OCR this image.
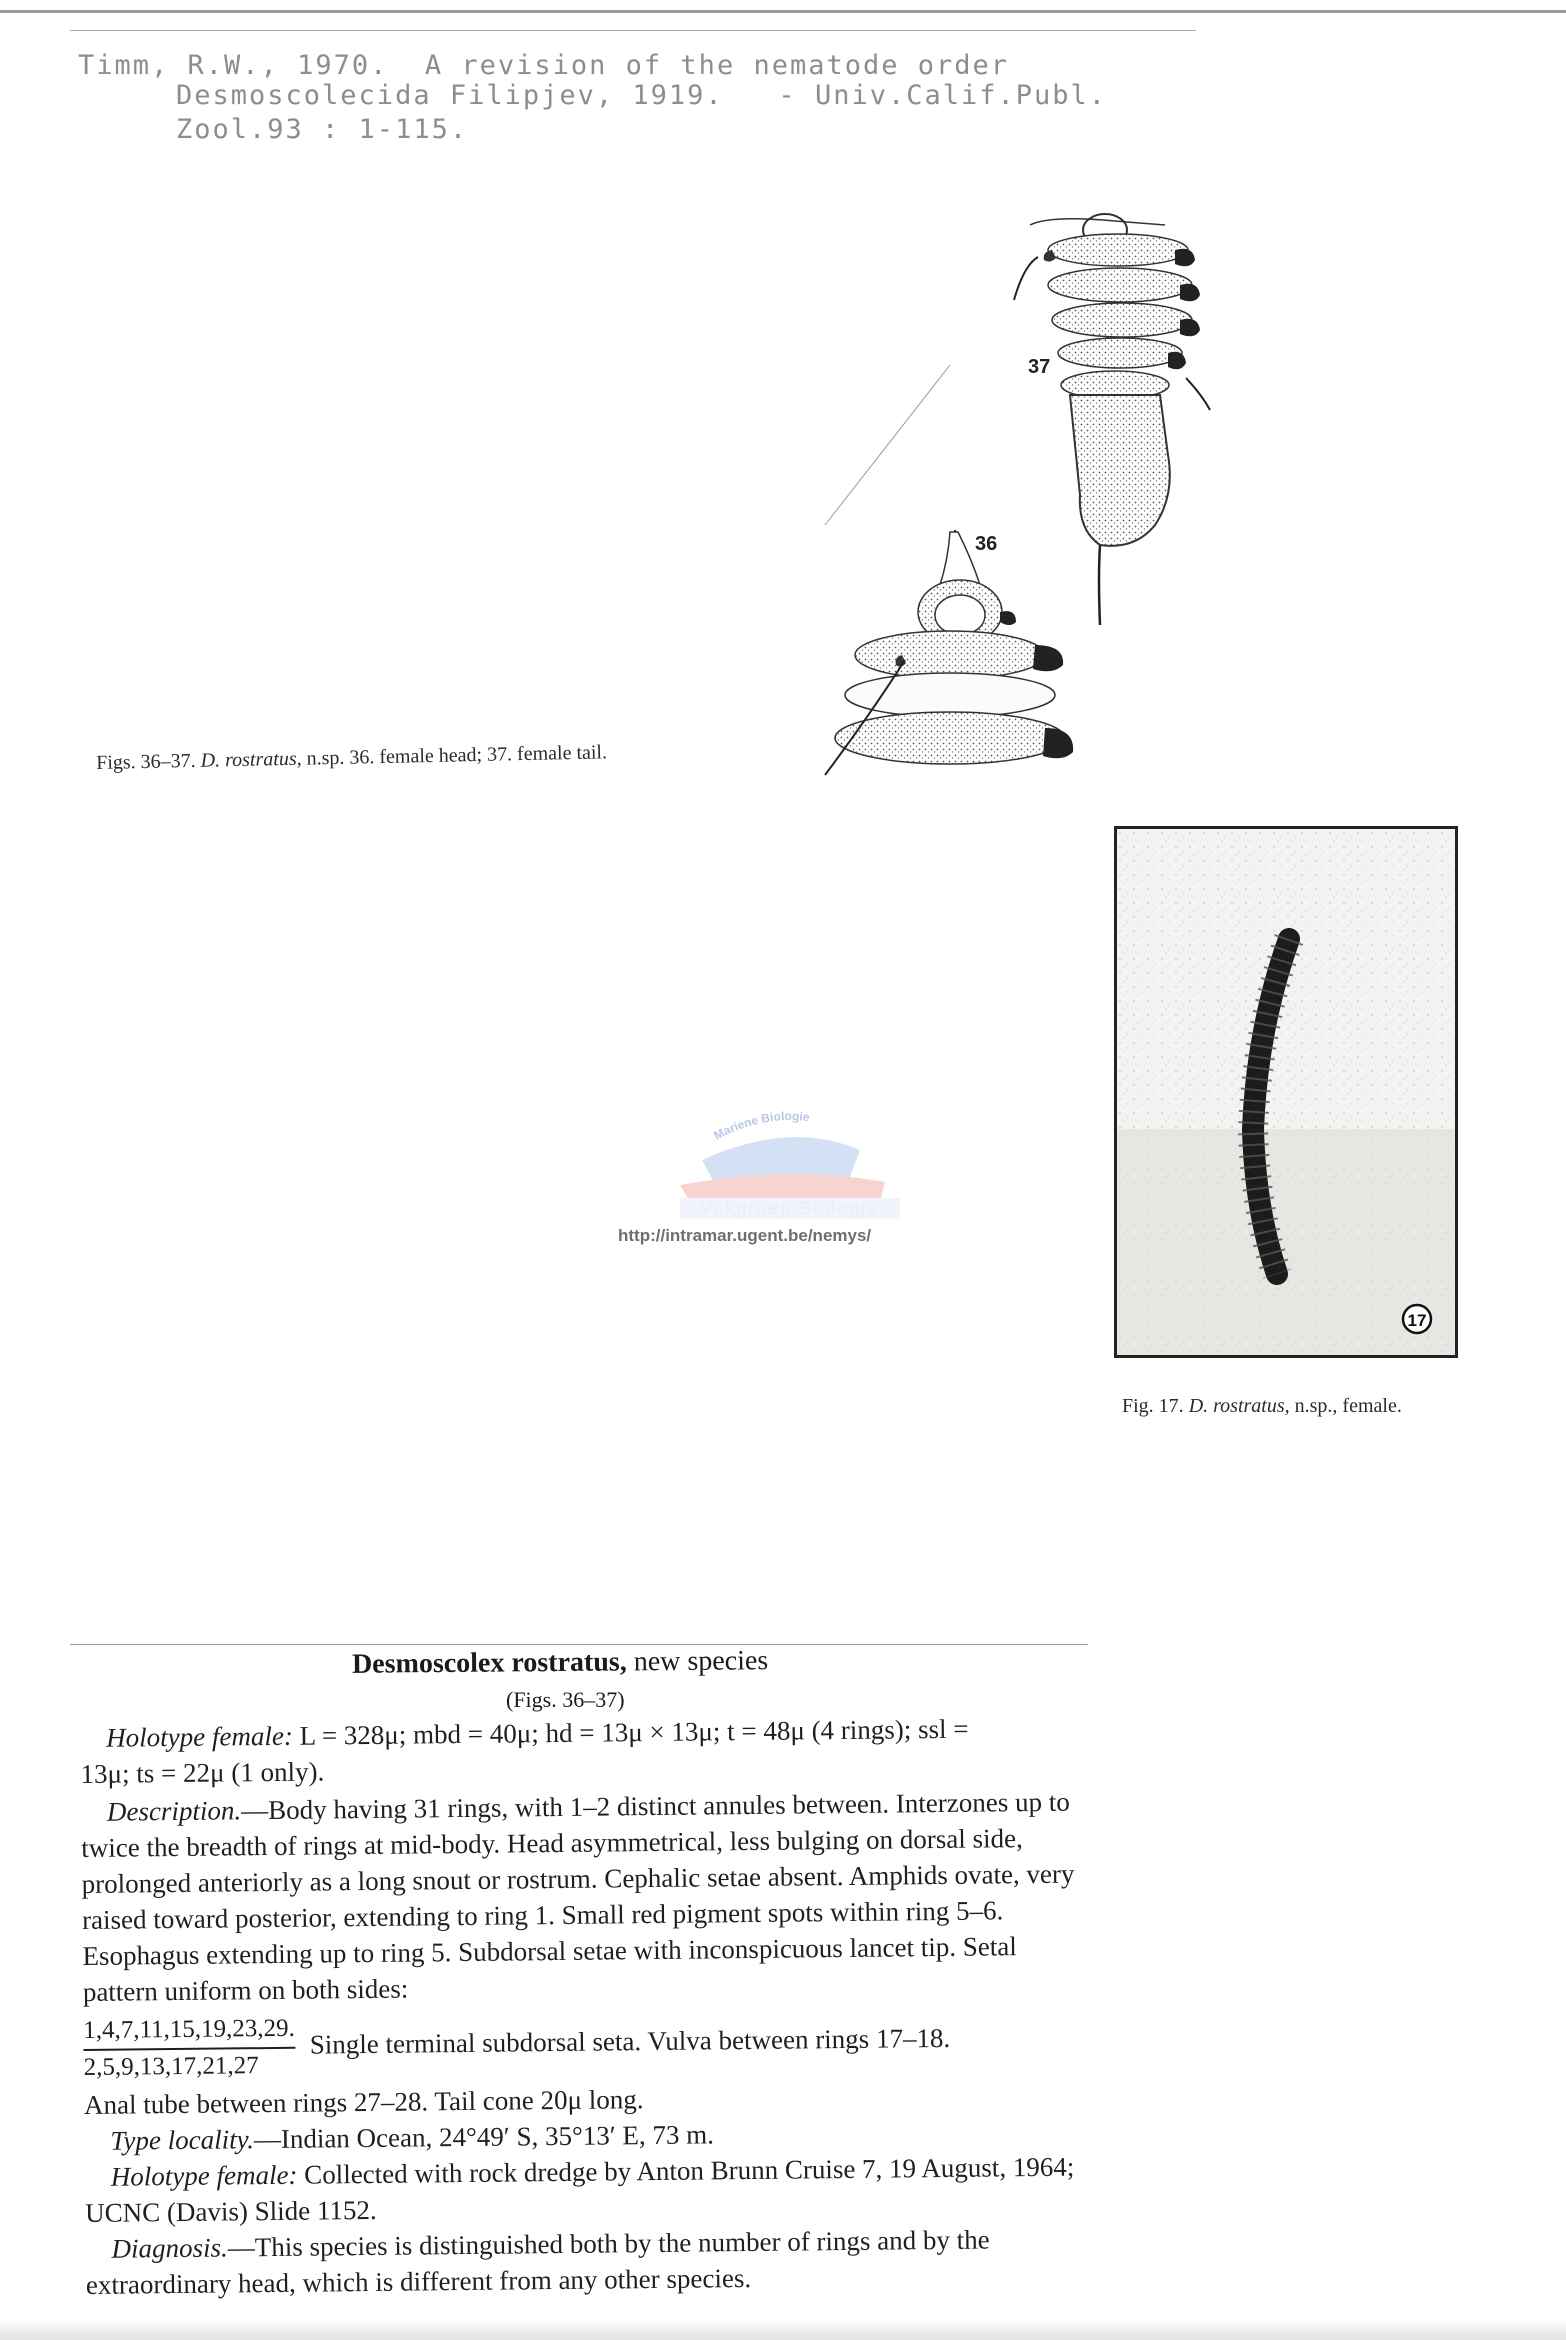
Timm, R.W., 1970.  A revision of the nematode order
Desmoscolecida Filipjev, 1919.   - Univ.Calif.Publ.
Zool.93 : 1-115.
37
36
Figs. 36–37. D. rostratus, n.sp. 36. female head; 37. female tail.
17
Fig. 17. D. rostratus, n.sp., female.
Mariene Biologie
Vakgroep Biologie
http://intramar.ugent.be/nemys/
Desmoscolex rostratus, new species
(Figs. 36–37)
Holotype female: L = 328μ; mbd = 40μ; hd = 13μ × 13μ; t = 48μ (4 rings); ssl =
13μ; ts = 22μ (1 only).
Description.—Body having 31 rings, with 1–2 distinct annules between. Interzones up to twice the breadth of rings at mid-body. Head asymmetrical, less bulging on dorsal side, prolonged anteriorly as a long snout or rostrum. Cephalic setae absent. Amphids ovate, very raised toward posterior, extending to ring 1. Small red pigment spots within ring 5–6. Esophagus extending up to ring 5. Subdorsal setae with inconspicuous lancet tip. Setal pattern uniform on both sides:
$\frac{1,4,7,11,15,19,23,29.}{2,5,9,13,17,21,27}$ Single terminal subdorsal seta. Vulva between rings 17–18.
Anal tube between rings 27–28. Tail cone 20μ long.
Type locality.—Indian Ocean, 24°49′ S, 35°13′ E, 73 m.
Holotype female: Collected with rock dredge by Anton Brunn Cruise 7, 19 August, 1964; UCNC (Davis) Slide 1152.
Diagnosis.—This species is distinguished both by the number of rings and by the extraordinary head, which is different from any other species.
